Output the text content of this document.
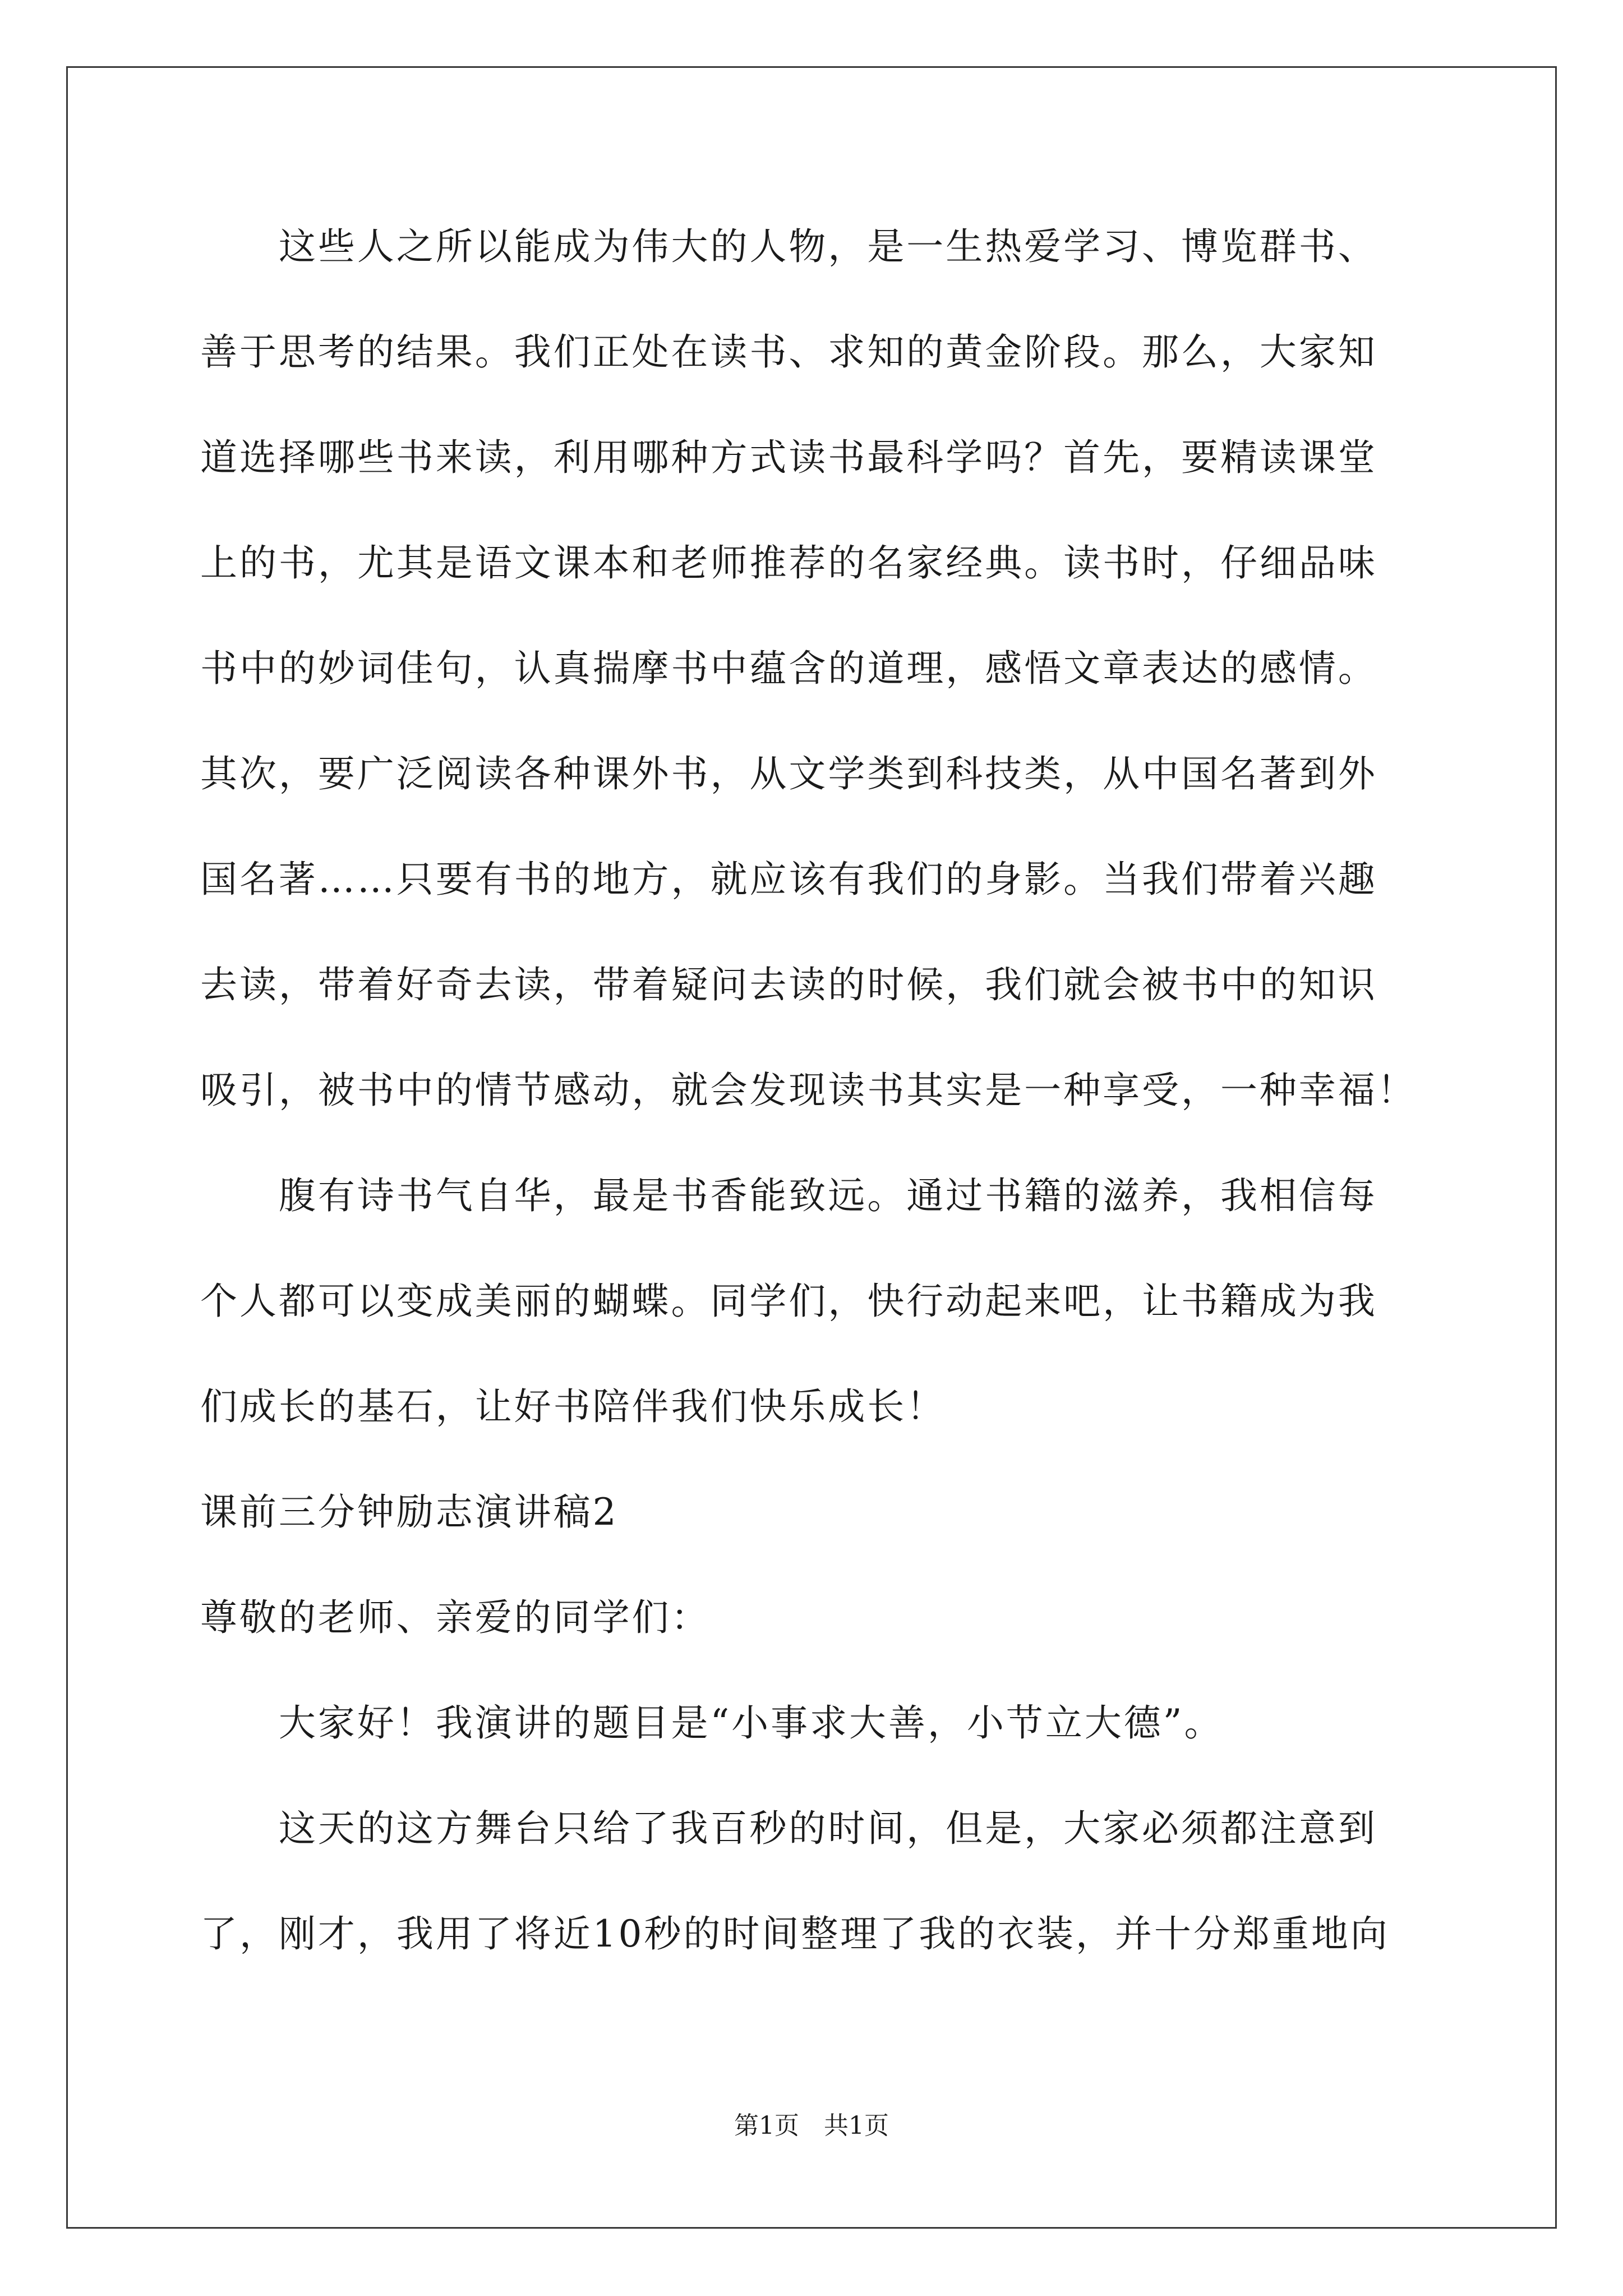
　　这些人之所以能成为伟大的人物，是一生热爱学习、博览群书、
善于思考的结果。我们正处在读书、求知的黄金阶段。那么，大家知
道选择哪些书来读，利用哪种方式读书最科学吗？首先，要精读课堂
上的书，尤其是语文课本和老师推荐的名家经典。读书时，仔细品味
书中的妙词佳句，认真揣摩书中蕴含的道理，感悟文章表达的感情。
其次，要广泛阅读各种课外书，从文学类到科技类，从中国名著到外
国名著……只要有书的地方，就应该有我们的身影。当我们带着兴趣
去读，带着好奇去读，带着疑问去读的时候，我们就会被书中的知识
吸引，被书中的情节感动，就会发现读书其实是一种享受，一种幸福！
　　腹有诗书气自华，最是书香能致远。通过书籍的滋养，我相信每
个人都可以变成美丽的蝴蝶。同学们，快行动起来吧，让书籍成为我
们成长的基石，让好书陪伴我们快乐成长！
课前三分钟励志演讲稿2
尊敬的老师、亲爱的同学们：
　　大家好！我演讲的题目是“小事求大善，小节立大德”。
　　这天的这方舞台只给了我百秒的时间，但是，大家必须都注意到
了，刚才，我用了将近10秒的时间整理了我的衣装，并十分郑重地向
第1页　共1页
